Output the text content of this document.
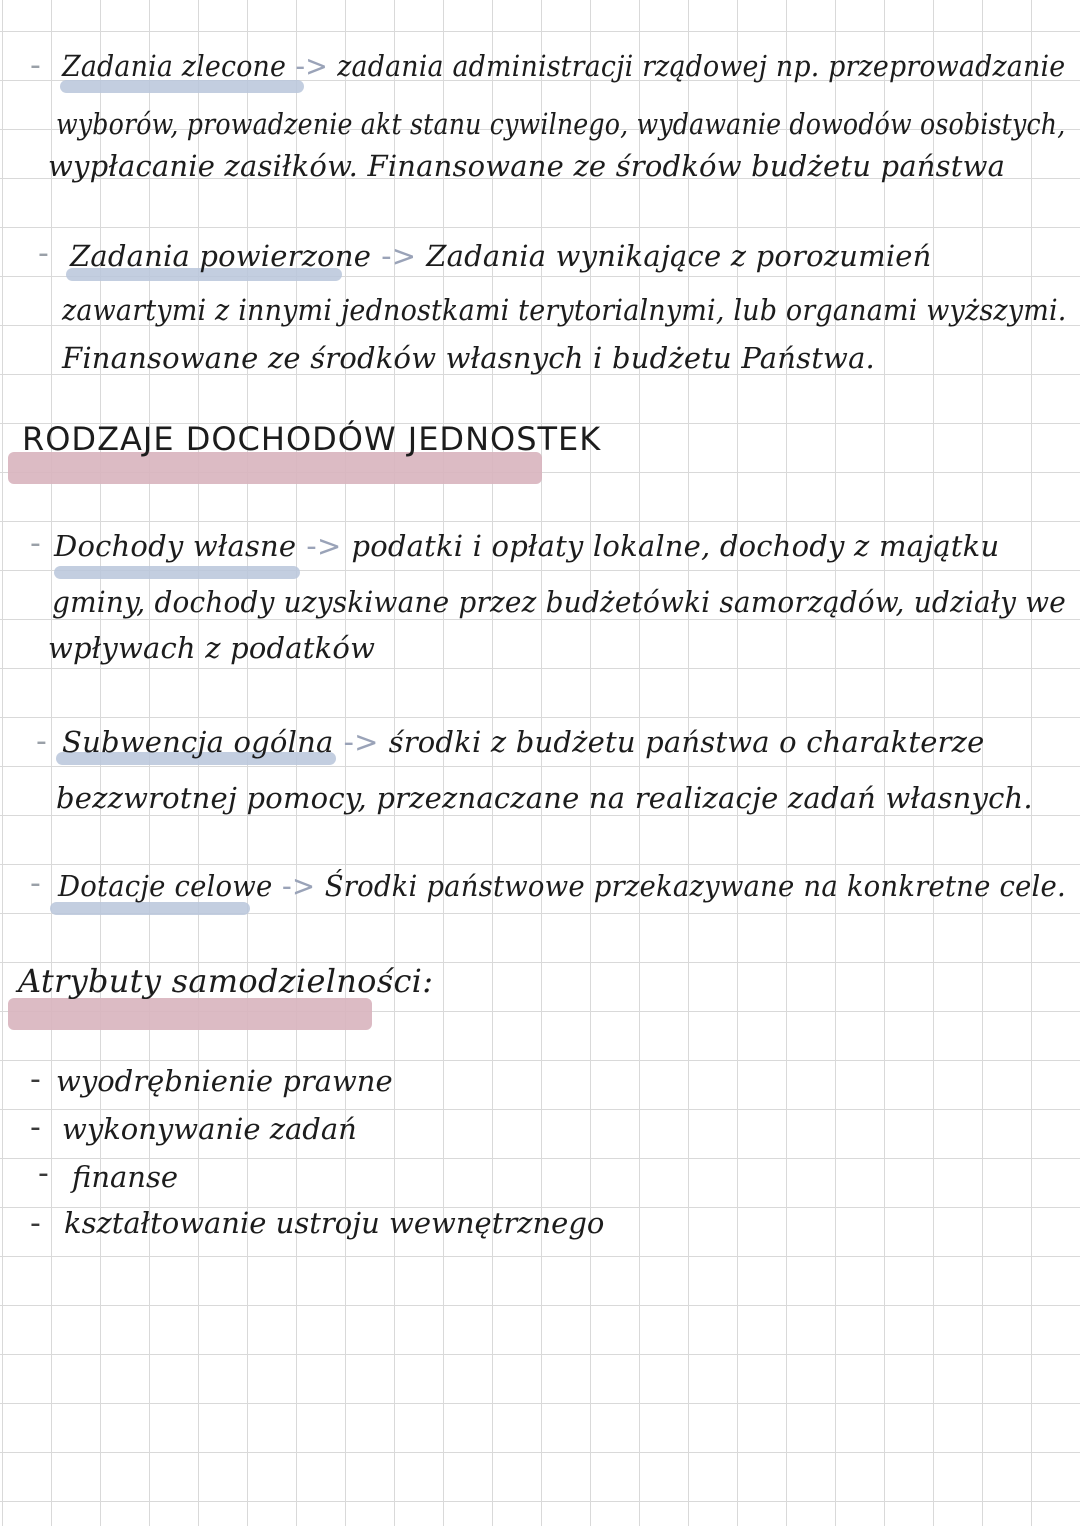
- Zadania zlecone -> zadania administracji rządowej np. przeprowadzanie
wyborów, prowadzenie akt stanu cywilnego, wydawanie dowodów osobistych,
wypłacanie zasiłków. Finansowane ze środków budżetu państwa
- Zadania powierzone -> Zadania wynikające z porozumień
zawartymi z innymi jednostkami terytorialnymi, lub organami wyższymi.
Finansowane ze środków własnych i budżetu Państwa.
RODZAJE DOCHODÓW JEDNOSTEK
- Dochody własne -> podatki i opłaty lokalne, dochody z majątku
gminy, dochody uzyskiwane przez budżetówki samorządów, udziały we
wpływach z podatków
- Subwencja ogólna -> środki z budżetu państwa o charakterze
bezzwrotnej pomocy, przeznaczane na realizacje zadań własnych.
- Dotacje celowe -> Środki państwowe przekazywane na konkretne cele.
Atrybuty samodzielności:
- wyodrębnienie prawne
- wykonywanie zadań
- finanse
- kształtowanie ustroju wewnętrznego
